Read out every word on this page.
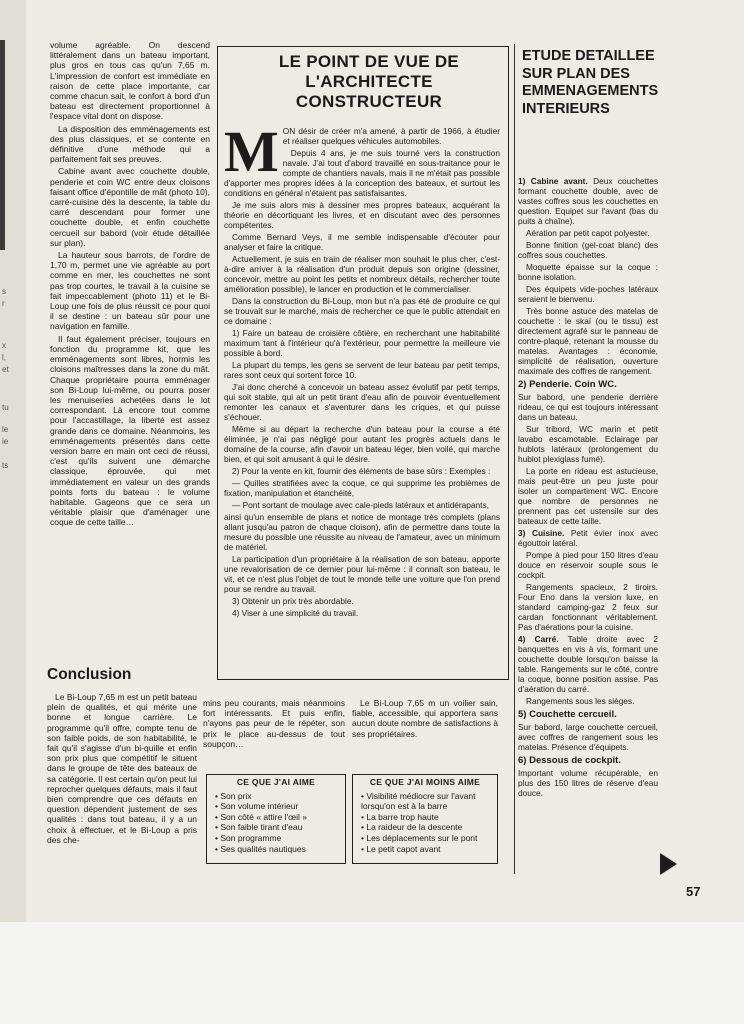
s
r
x
l,
et
tu
le
ie
ts

volume agréable. On descend littéralement dans un bateau important, plus gros en tous cas qu'un 7,65 m. L'impression de confort est immédiate en raison de cette place importante, car comme chacun sait, le confort à bord d'un bateau est directement proportionnel à l'espace vital dont on dispose.

La disposition des emménagements est des plus classiques, et se contente en définitive d'une méthode qui a parfaitement fait ses preuves.

Cabine avant avec couchette double, penderie et coin WC entre deux cloisons faisant office d'épontille de mât (photo 10), carré-cuisine dès la descente, la table du carré descendant pour former une couchette double, et enfin couchette cercueil sur babord (voir étude détaillée sur plan).

La hauteur sous barrots, de l'ordre de 1,70 m, permet une vie agréable au port comme en mer, les couchettes ne sont pas trop courtes, le travail à la cuisine se fait impeccablement (photo 11) et le Bi-Loup une fois de plus réussit ce pour quoi il se destine : un bateau sûr pour une navigation en famille.

Il faut également préciser, toujours en fonction du programme kit, que les emménagements sont libres, hormis les cloisons maîtresses dans la zone du mât. Chaque propriétaire pourra emménager son Bi-Loup lui-même, ou pourra poser les menuiseries achetées dans le lot correspondant. Là encore tout comme pour l'accastillage, la liberté est assez grande dans ce domaine. Néanmoins, les emménagements présentés dans cette version barre en main ont ceci de réussi, c'est qu'ils suivent une démarche classique, éprouvée, qui met immédiatement en valeur un des grands points forts du bateau : le volume habitable. Gageons que ce sera un véritable plaisir que d'aménager une coque de cette taille…

LE POINT DE VUE DE L'ARCHITECTE CONSTRUCTEUR

MON désir de créer m'a amené, à partir de 1966, à étudier et réaliser quelques véhicules automobiles.

Depuis 4 ans, je me suis tourné vers la construction navale. J'ai tout d'abord travaillé en sous-traitance pour le compte de chantiers navals, mais il ne m'était pas possible d'apporter mes propres idées à la conception des bateaux, et surtout les conditions en général n'étaient pas satisfaisantes.

Je me suis alors mis à dessiner mes propres bateaux, acquérant la théorie en décortiquant les livres, et en discutant avec des personnes compétentes.

Comme Bernard Veys, il me semble indispensable d'écouter pour analyser et faire la critique.

Actuellement, je suis en train de réaliser mon souhait le plus cher, c'est-à-dire arriver à la réalisation d'un produit depuis son origine (dessiner, concevoir, mettre au point les petits et nombreux détails, rechercher toute amélioration possible), le lancer en production et le commercialiser.

Dans la construction du Bi-Loup, mon but n'a pas été de produire ce qui se trouvait sur le marché, mais de rechercher ce que le public attendait en ce domaine :

1) Faire un bateau de croisière côtière, en recherchant une habitabilité maximum tant à l'intérieur qu'à l'extérieur, pour permettre la meilleure vie possible à bord.

La plupart du temps, les gens se servent de leur bateau par petit temps, rares sont ceux qui sortent force 10.

J'ai donc cherché à concevoir un bateau assez évolutif par petit temps, qui soit stable, qui ait un petit tirant d'eau afin de pouvoir éventuellement remonter les canaux et s'aventurer dans les criques, et qui puisse s'échouer.

Même si au départ la recherche d'un bateau pour la course a été éliminée, je n'ai pas négligé pour autant les progrès actuels dans le domaine de la course, afin d'avoir un bateau léger, bien voilé, qui marche bien, et qui soit amusant à qui le désire.

2) Pour la vente en kit, fournir des éléments de base sûrs : Exemples :

— Quilles stratifiées avec la coque, ce qui supprime les problèmes de fixation, manipulation et étanchéité,

— Pont sortant de moulage avec cale-pieds latéraux et antidérapants,

ainsi qu'un ensemble de plans et notice de montage très complets (plans allant jusqu'au patron de chaque cloison), afin de permettre dans toute la mesure du possible une réussite au niveau de l'amateur, avec un minimum de matériel.

La participation d'un propriétaire à la réalisation de son bateau, apporte une revalorisation de ce dernier pour lui-même : il connaît son bateau, le vit, et ce n'est plus l'objet de tout le monde telle une voiture que l'on prend pour se rendre au travail.

3) Obtenir un prix très abordable.

4) Viser à une simplicité du travail.

ETUDE DETAILLEE SUR PLAN DES EMMENAGEMENTS INTERIEURS

1) Cabine avant. Deux couchettes formant couchette double, avec de vastes coffres sous les couchettes en question. Equipet sur l'avant (bas du puits à chaîne).

Aération par petit capot polyester.

Bonne finition (gel-coat blanc) des coffres sous couchettes.

Moquette épaisse sur la coque : bonne isolation.

Des équipets vide-poches latéraux seraient le bienvenu.

Très bonne astuce des matelas de couchette : le skaï (ou le tissu) est directement agrafé sur le panneau de contre-plaqué, retenant la mousse du matelas. Avantages : économie, simplicité de réalisation, ouverture maximale des coffres de rangement.

2) Penderie. Coin WC.

Sur babord, une penderie derrière rideau, ce qui est toujours intéressant dans un bateau.

Sur tribord, WC marin et petit lavabo escamotable. Eclairage par hublots latéraux (prolongement du hublot plexiglass fumé).

La porte en rideau est astucieuse, mais peut-être un peu juste pour isoler un compartiment WC. Encore que nombre de personnes ne prennent pas cet ustensile sur des bateaux de cette taille.

3) Cuisine. Petit évier inox avec égouttoir latéral.

Pompe à pied pour 150 litres d'eau douce en réservoir souple sous le cockpit.

Rangements spacieux, 2 tiroirs. Four Eno dans la version luxe, en standard camping-gaz 2 feux sur cardan fonctionnant véritablement. Pas d'aérations pour la cuisine.

4) Carré. Table droite avec 2 banquettes en vis à vis, formant une couchette double lorsqu'on baisse la table. Rangements sur le côté, contre la coque, bonne position assise. Pas d'aération du carré.

Rangements sous les sièges.

5) Couchette cercueil.

Sur babord, large couchette cercueil, avec coffres de rangement sous les matelas. Présence d'équipets.

6) Dessous de cockpit.

Important volume récupérable, en plus des 150 litres de réserve d'eau douce.

Conclusion

Le Bi-Loup 7,65 m est un petit bateau plein de qualités, et qui mérite une bonne et longue carrière. Le programme qu'il offre, compte tenu de son faible poids, de son habitabilité, le fait qu'il s'agisse d'un bi-quille et enfin son prix plus que compétitif le situent dans le groupe de tête des bateaux de sa catégorie. Il est certain qu'on peut lui reprocher quelques défauts, mais il faut bien comprendre que ces défauts en question dépendent justement de ses qualités : dans tout bateau, il y a un choix à effectuer, et le Bi-Loup a pris des che-

mins peu courants, mais néanmoins fort intéressants. Et puis enfin, n'ayons pas peur de le répéter, son prix le place au-dessus de tout soupçon…

Le Bi-Loup 7,65 m un voilier sain, fiable, accessible, qui apportera sans aucun doute nombre de satisfactions à ses propriétaires.

CE QUE J'AI AIME
• Son prix
• Son volume intérieur
• Son côté « attire l'œil »
• Son faible tirant d'eau
• Son programme
• Ses qualités nautiques
CE QUE J'AI MOINS AIME
• Visibilité médiocre sur l'avant lorsqu'on est à la barre
• La barre trop haute
• La raideur de la descente
• Les déplacements sur le pont
• Le petit capot avant
57
